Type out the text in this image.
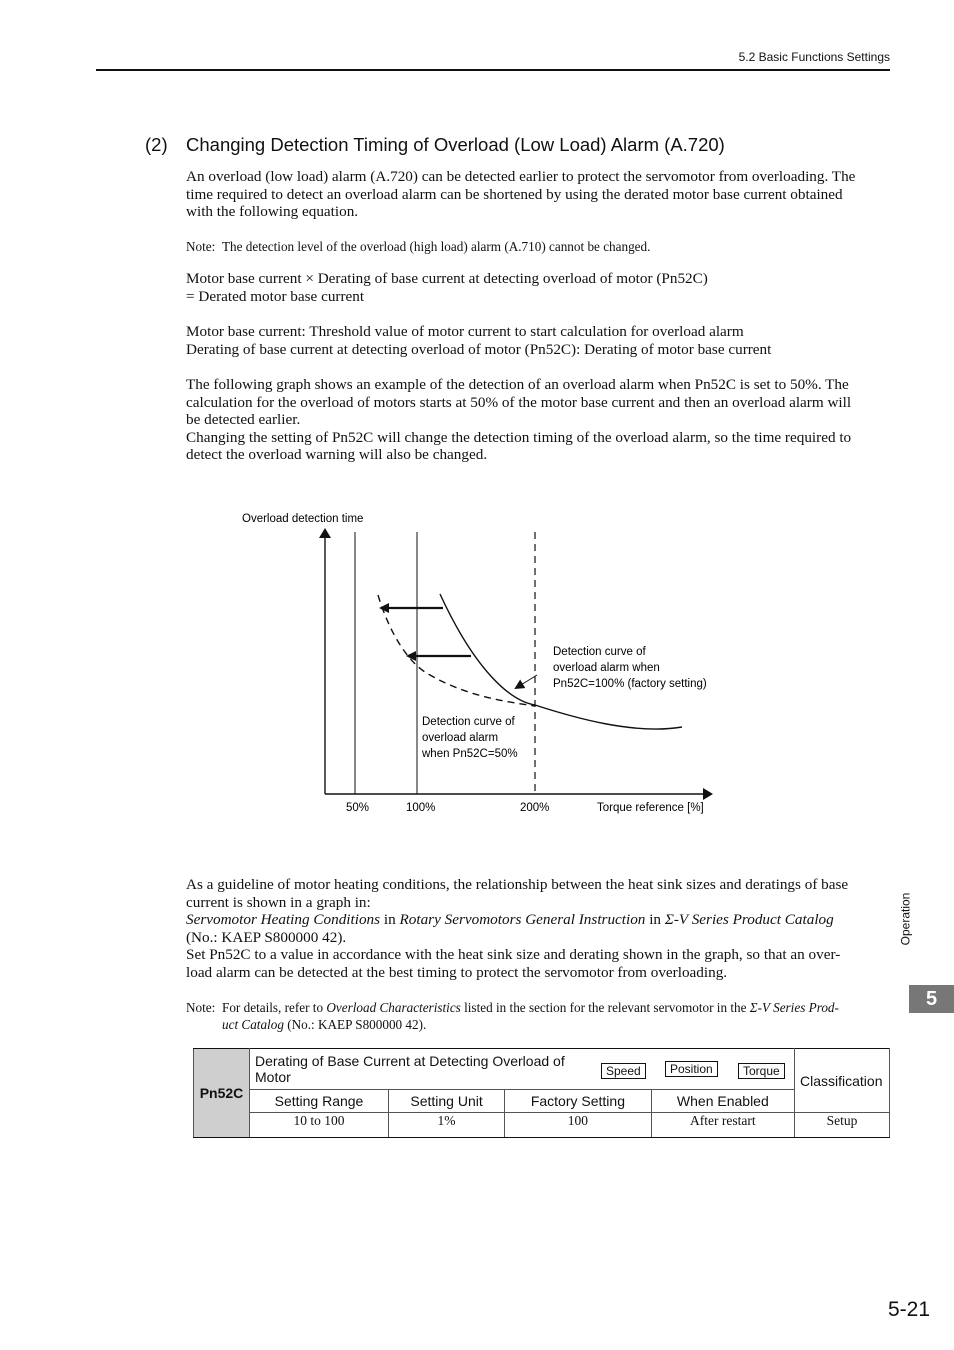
5.2 Basic Functions Settings
(2) Changing Detection Timing of Overload (Low Load) Alarm (A.720)

An overload (low load) alarm (A.720) can be detected earlier to protect the servomotor from overloading. The

time required to detect an overload alarm can be shortened by using the derated motor base current obtained

with the following equation.

Note: The detection level of the overload (high load) alarm (A.710) cannot be changed.
Motor base current × Derating of base current at detecting overload of motor (Pn52C)
= Derated motor base current
Motor base current: Threshold value of motor current to start calculation for overload alarm
Derating of base current at detecting overload of motor (Pn52C): Derating of motor base current

The following graph shows an example of the detection of an overload alarm when Pn52C is set to 50%. The

calculation for the overload of motors starts at 50% of the motor base current and then an overload alarm will

be detected earlier.

Changing the setting of Pn52C will change the detection timing of the overload alarm, so the time required to

detect the overload warning will also be changed.

Overload detection time
Detection curve of
overload alarm when
Pn52C=100% (factory setting)
Detection curve of
overload alarm
when Pn52C=50%
50%	100%	200%	Torque reference [%]

As a guideline of motor heating conditions, the relationship between the heat sink sizes and deratings of base

current is shown in a graph in:

Servomotor Heating Conditions in Rotary Servomotors General Instruction in Σ-V Series Product Catalog

(No.: KAEP S800000 42).

Set Pn52C to a value in accordance with the heat sink size and derating shown in the graph, so that an over-

load alarm can be detected at the best timing to protect the servomotor from overloading.

Note: For details, refer to Overload Characteristics listed in the section for the relevant servomotor in the Σ-V Series Prod-
uct Catalog (No.: KAEP S800000 42).
Pn52C	Derating of Base Current at Detecting Overload of
Motor Speed Position Torque				Classification
	Setting Range	Setting Unit	Factory Setting	When Enabled	
	10 to 100	1%	100	After restart	Setup
Operation
5
5-21
